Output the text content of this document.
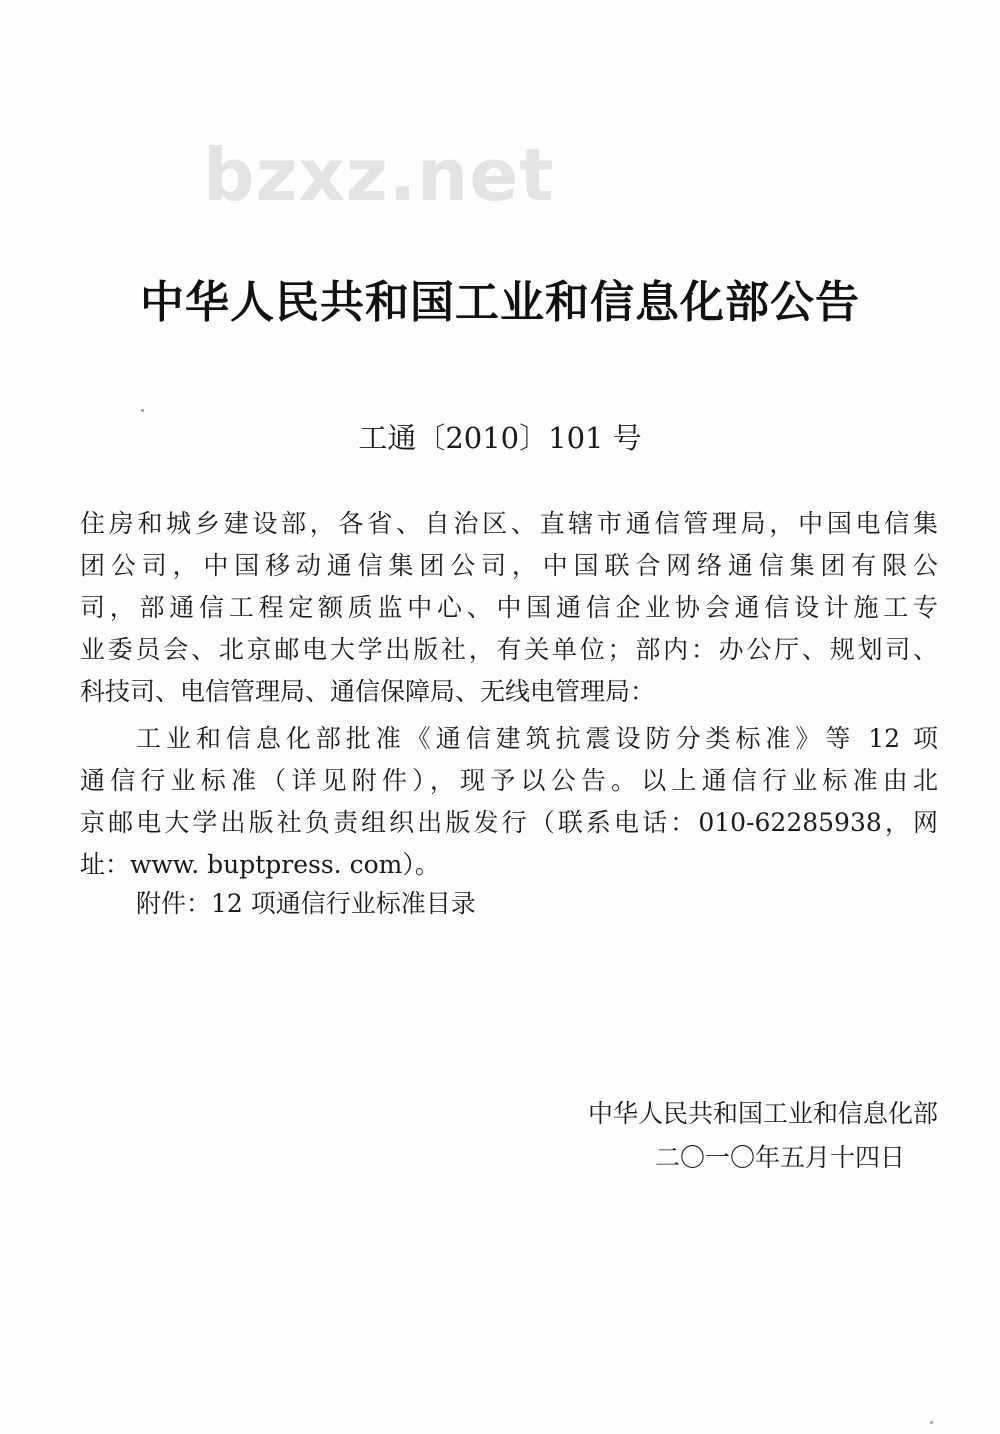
bzxz.net
中华人民共和国工业和信息化部公告
工通〔2010〕101 号
住房和城乡建设部，各省、自治区、直辖市通信管理局，中国电信集
团公司，中国移动通信集团公司，中国联合网络通信集团有限公
司，部通信工程定额质监中心、中国通信企业协会通信设计施工专
业委员会、北京邮电大学出版社，有关单位；部内：办公厅、规划司、
科技司、电信管理局、通信保障局、无线电管理局：
工业和信息化部批准《通信建筑抗震设防分类标准》等 12 项
通信行业标准（详见附件），现予以公告。以上通信行业标准由北
京邮电大学出版社负责组织出版发行（联系电话：010-62285938，网
址：www. buptpress. com）。
附件：12 项通信行业标准目录
中华人民共和国工业和信息化部
二〇一〇年五月十四日
